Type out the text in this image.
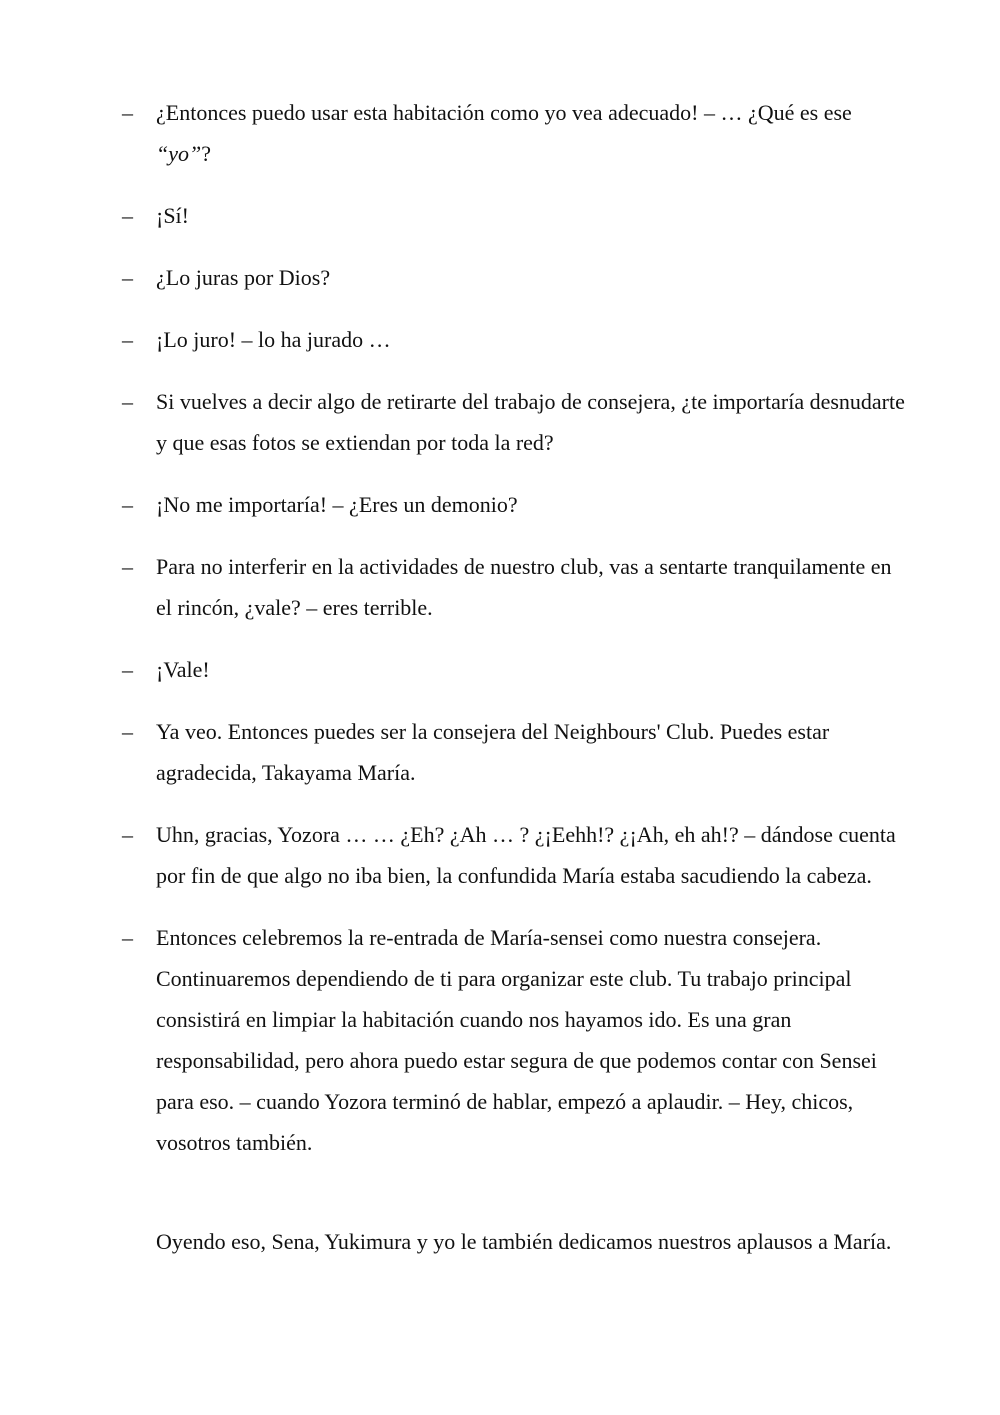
–	¿Entonces puedo usar esta habitación como yo vea adecuado! – … ¿Qué es ese
“yo”?
–	¡Sí!
–	¿Lo juras por Dios?
–	¡Lo juro! – lo ha jurado …
–	Si vuelves a decir algo de retirarte del trabajo de consejera, ¿te importaría desnudarte y que esas fotos se extiendan por toda la red?
–	¡No me importaría! – ¿Eres un demonio?
–	Para no interferir en la actividades de nuestro club, vas a sentarte tranquilamente en el rincón, ¿vale? – eres terrible.
–	¡Vale!
–	Ya veo. Entonces puedes ser la consejera del Neighbours' Club. Puedes estar agradecida, Takayama María.
–	Uhn, gracias, Yozora … … ¿Eh? ¿Ah … ? ¿¡Eehh!? ¿¡Ah, eh ah!? – dándose cuenta por fin de que algo no iba bien, la confundida María estaba sacudiendo la cabeza.
–	Entonces celebremos la re-entrada de María-sensei como nuestra consejera. Continuaremos dependiendo de ti para organizar este club. Tu trabajo principal consistirá en limpiar la habitación cuando nos hayamos ido. Es una gran responsabilidad, pero ahora puedo estar segura de que podemos contar con Sensei para eso. – cuando Yozora terminó de hablar, empezó a aplaudir. – Hey, chicos, vosotros también.

Oyendo eso, Sena, Yukimura y yo le también dedicamos nuestros aplausos a María.
